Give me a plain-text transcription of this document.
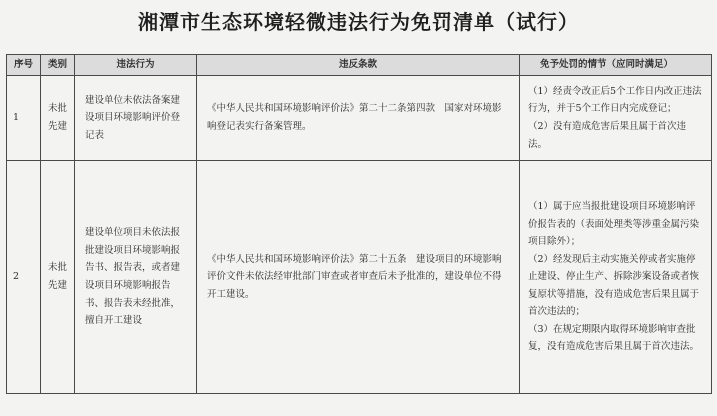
湘潭市生态环境轻微违法行为免罚清单（试行）
序号	类别	违法行为	违反条款	免予处罚的情节（应同时满足）
1	未批先建	建设单位未依法备案建设项目环境影响评价登记表	《中华人民共和国环境影响评价法》第二十二条第四款　国家对环境影响登记表实行备案管理。	（1）经责令改正后5个工作日内改正违法行为，并于5个工作日内完成登记；
（2）没有造成危害后果且属于首次违法。

2	未批先建	建设单位项目未依法报批建设项目环境影响报告书、报告表，或者建设项目环境影响报告书、报告表未经批准，擅自开工建设	《中华人民共和国环境影响评价法》第二十五条　建设项目的环境影响评价文件未依法经审批部门审查或者审查后未予批准的，建设单位不得开工建设。	（1）属于应当报批建设项目环境影响评价报告表的（表面处理类等涉重金属污染项目除外）；
（2）经发现后主动实施关停或者实施停止建设、停止生产、拆除涉案设备或者恢复原状等措施，没有造成危害后果且属于首次违法的；
（3）在规定期限内取得环境影响审查批复，没有造成危害后果且属于首次违法。
